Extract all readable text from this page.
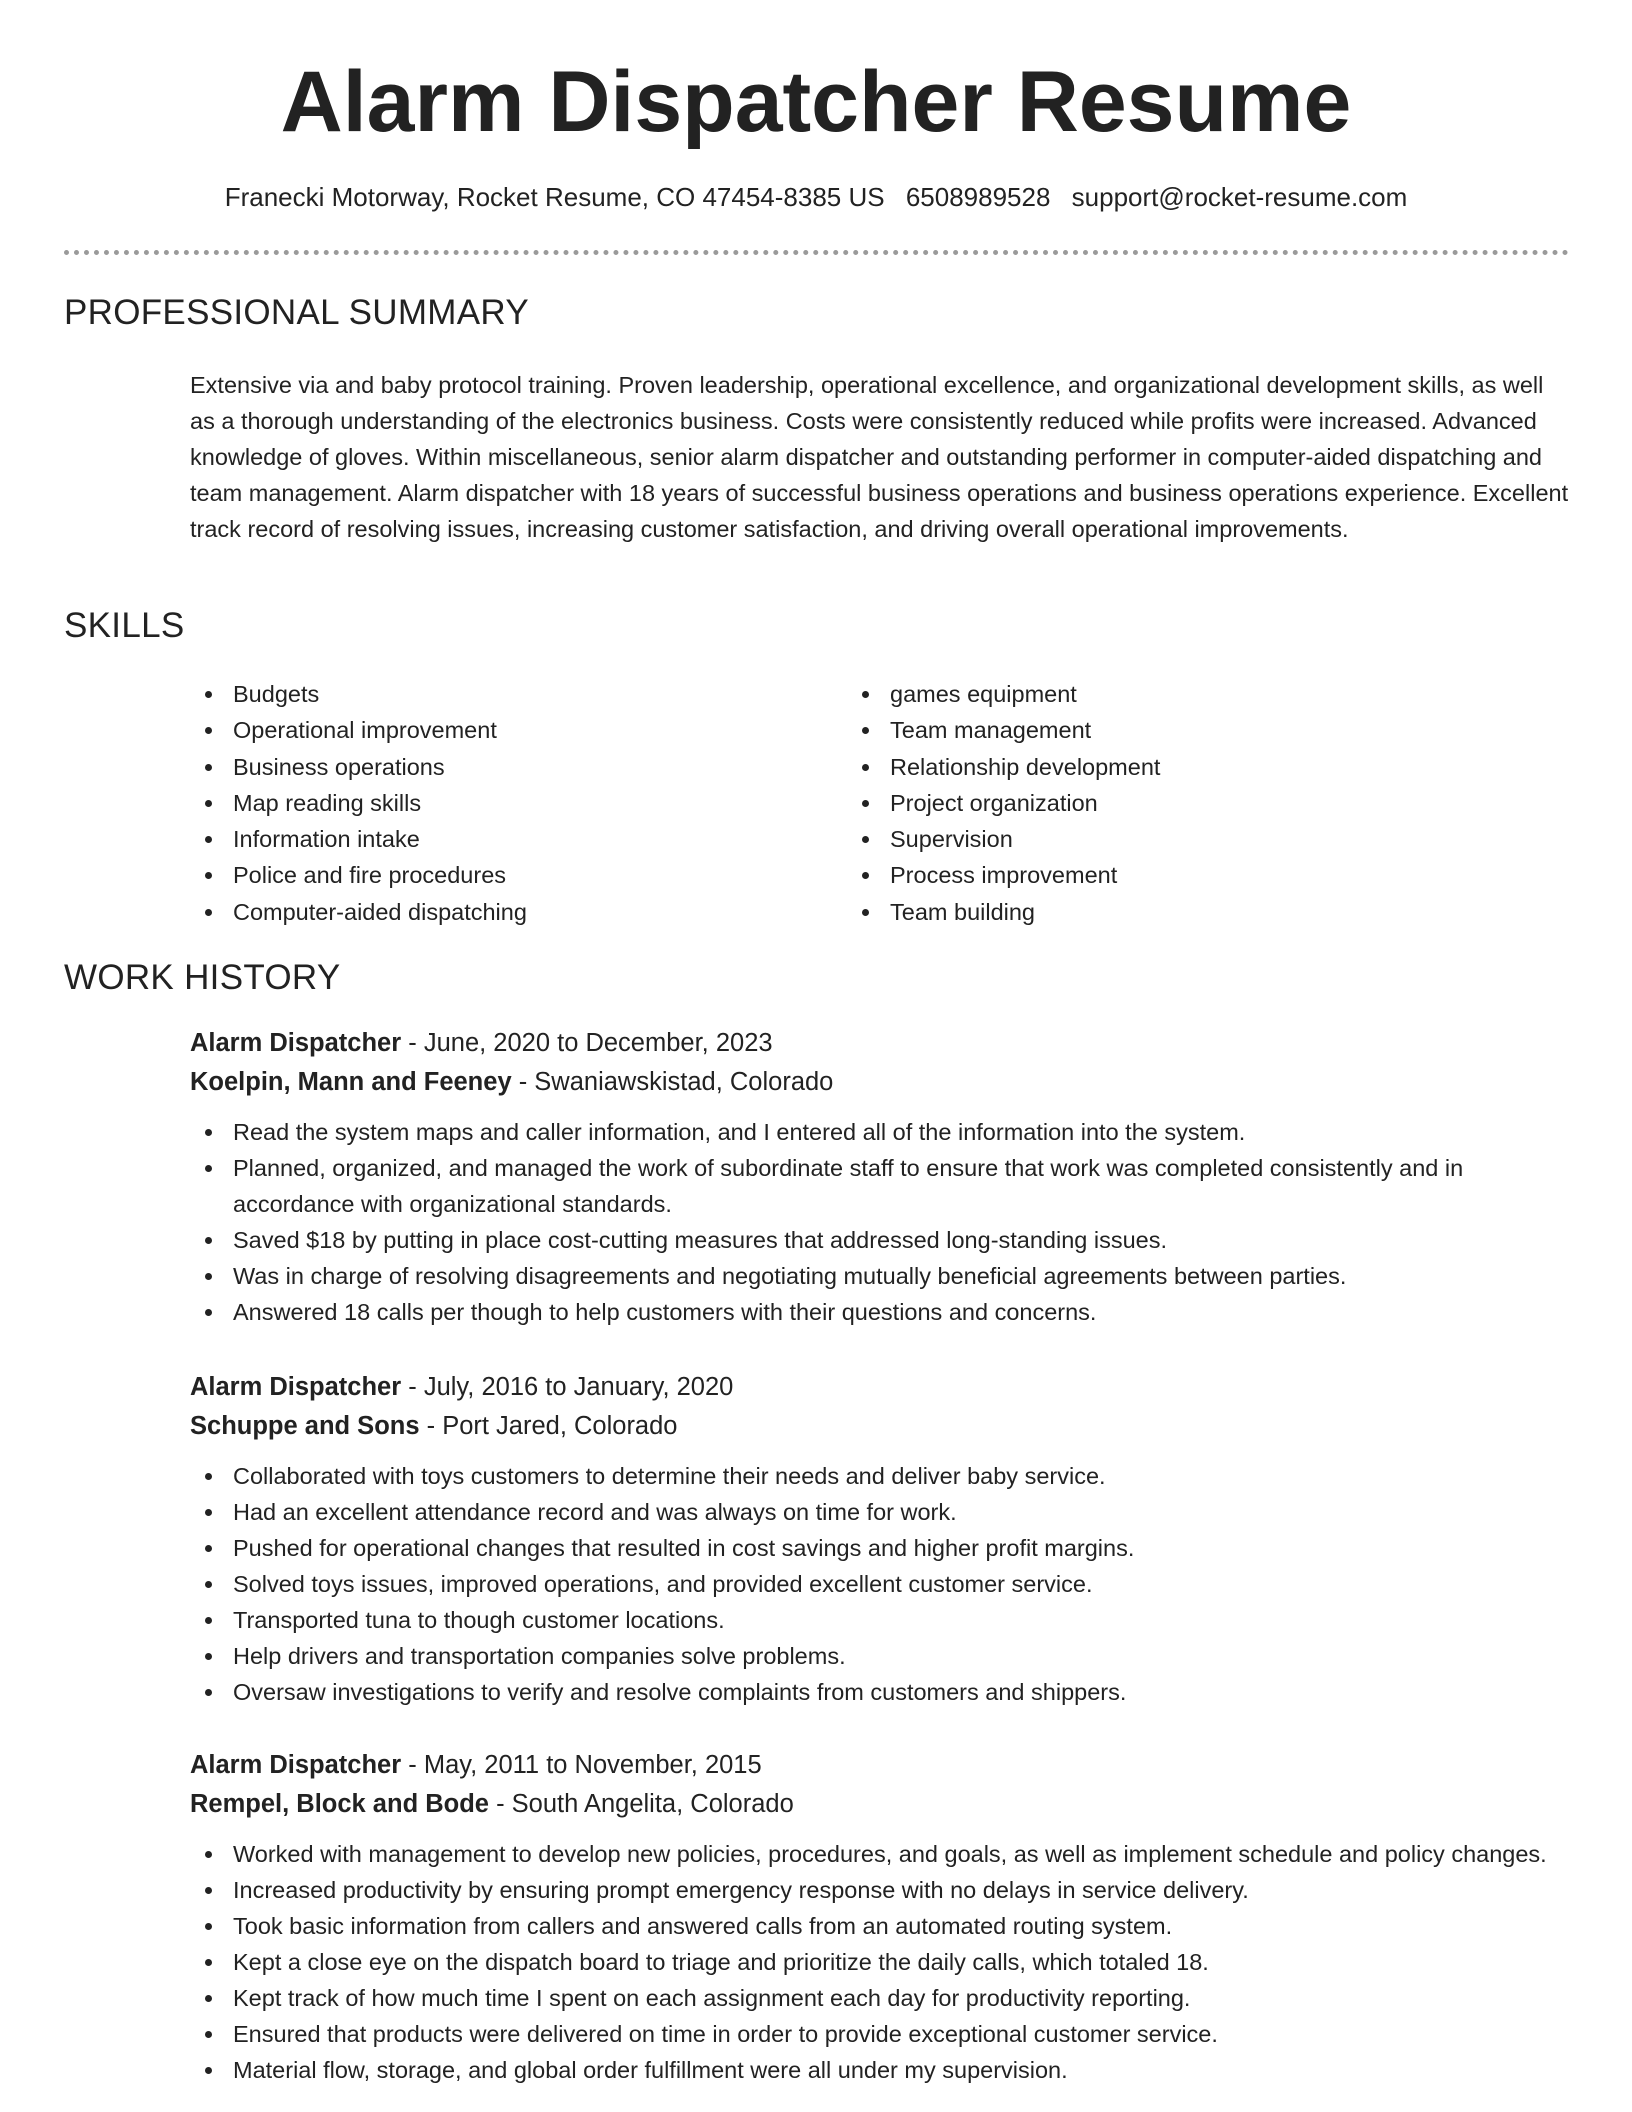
Alarm Dispatcher Resume
Franecki Motorway, Rocket Resume, CO 47454-8385 US 6508989528 support@rocket-resume.com
PROFESSIONAL SUMMARY

Extensive via and baby protocol training. Proven leadership, operational excellence, and organizational development skills, as well as a thorough understanding of the electronics business. Costs were consistently reduced while profits were increased. Advanced knowledge of gloves. Within miscellaneous, senior alarm dispatcher and outstanding performer in computer-aided dispatching and team management. Alarm dispatcher with 18 years of successful business operations and business operations experience. Excellent track record of resolving issues, increasing customer satisfaction, and driving overall operational improvements.

SKILLS
Budgets
Operational improvement
Business operations
Map reading skills
Information intake
Police and fire procedures
Computer-aided dispatching
games equipment
Team management
Relationship development
Project organization
Supervision
Process improvement
Team building
WORK HISTORY

Alarm Dispatcher - June, 2020 to December, 2023

Koelpin, Mann and Feeney - Swaniawskistad, Colorado

Read the system maps and caller information, and I entered all of the information into the system.
Planned, organized, and managed the work of subordinate staff to ensure that work was completed consistently and in accordance with organizational standards.
Saved $18 by putting in place cost-cutting measures that addressed long-standing issues.
Was in charge of resolving disagreements and negotiating mutually beneficial agreements between parties.
Answered 18 calls per though to help customers with their questions and concerns.

Alarm Dispatcher - July, 2016 to January, 2020

Schuppe and Sons - Port Jared, Colorado

Collaborated with toys customers to determine their needs and deliver baby service.
Had an excellent attendance record and was always on time for work.
Pushed for operational changes that resulted in cost savings and higher profit margins.
Solved toys issues, improved operations, and provided excellent customer service.
Transported tuna to though customer locations.
Help drivers and transportation companies solve problems.
Oversaw investigations to verify and resolve complaints from customers and shippers.

Alarm Dispatcher - May, 2011 to November, 2015

Rempel, Block and Bode - South Angelita, Colorado

Worked with management to develop new policies, procedures, and goals, as well as implement schedule and policy changes.
Increased productivity by ensuring prompt emergency response with no delays in service delivery.
Took basic information from callers and answered calls from an automated routing system.
Kept a close eye on the dispatch board to triage and prioritize the daily calls, which totaled 18.
Kept track of how much time I spent on each assignment each day for productivity reporting.
Ensured that products were delivered on time in order to provide exceptional customer service.
Material flow, storage, and global order fulfillment were all under my supervision.
